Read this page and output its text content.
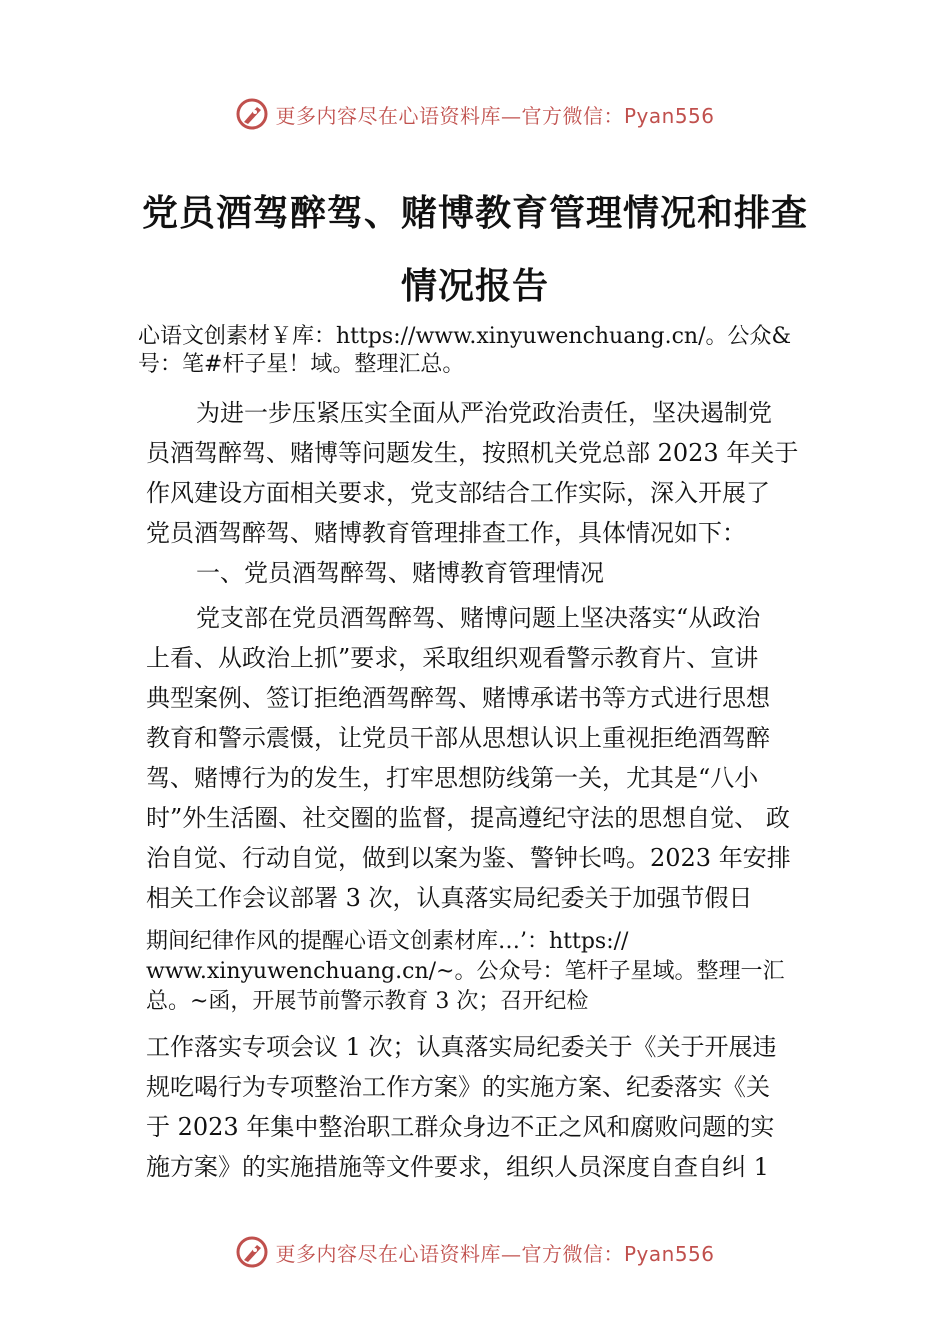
更多内容尽在心语资料库—官方微信：Pyan556
党员酒驾醉驾、赌博教育管理情况和排查
情况报告
心语文创素材￥库：https://www.xinyuwenchuang.cn/。公众&
号：笔#杆子星！域。整理汇总。
为进一步压紧压实全面从严治党政治责任，坚决遏制党
员酒驾醉驾、赌博等问题发生，按照机关党总部 2023 年关于
作风建设方面相关要求，党支部结合工作实际，深入开展了
党员酒驾醉驾、赌博教育管理排查工作，具体情况如下：
一、党员酒驾醉驾、赌博教育管理情况
党支部在党员酒驾醉驾、赌博问题上坚决落实“从政治
上看、从政治上抓”要求，采取组织观看警示教育片、宣讲
典型案例、签订拒绝酒驾醉驾、赌博承诺书等方式进行思想
教育和警示震慑，让党员干部从思想认识上重视拒绝酒驾醉
驾、赌博行为的发生，打牢思想防线第一关，尤其是“八小
时”外生活圈、社交圈的监督，提高遵纪守法的思想自觉、 政
治自觉、行动自觉，做到以案为鉴、警钟长鸣。2023 年安排
相关工作会议部署 3 次，认真落实局纪委关于加强节假日
期间纪律作风的提醒心语文创素材库…’：https://
www.xinyuwenchuang.cn/~。公众号：笔杆子星域。整理一汇
总。~函，开展节前警示教育 3 次；召开纪检
工作落实专项会议 1 次；认真落实局纪委关于《关于开展违
规吃喝行为专项整治工作方案》的实施方案、纪委落实《关
于 2023 年集中整治职工群众身边不正之风和腐败问题的实
施方案》的实施措施等文件要求，组织人员深度自查自纠 1
更多内容尽在心语资料库—官方微信：Pyan556
